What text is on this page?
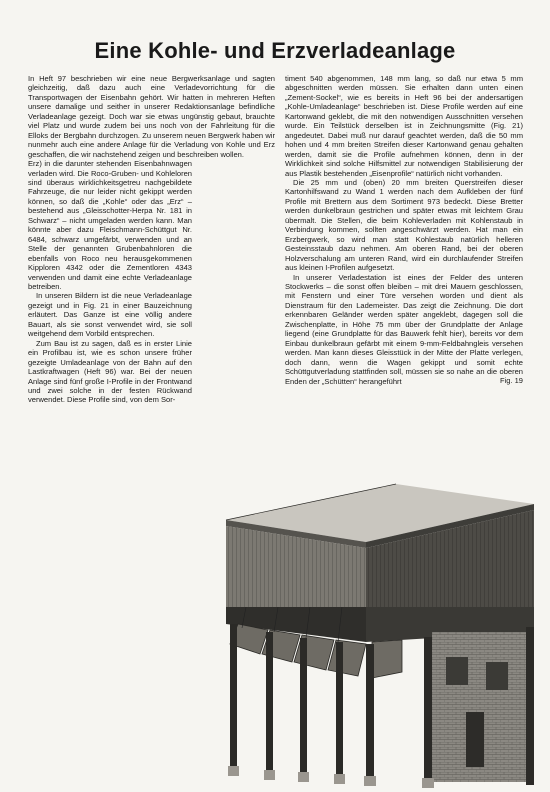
Eine Kohle- und Erzverladeanlage

In Heft 97 beschrieben wir eine neue Bergwerksanlage und sagten gleichzeitig, daß dazu auch eine Verladevorrichtung für die Transportwagen der Eisenbahn gehört. Wir hatten in mehreren Heften unsere damalige und seither in unserer Redaktionsanlage befindliche Verladeanlage gezeigt. Doch war sie etwas ungünstig gebaut, brauchte viel Platz und wurde zudem bei uns noch von der Fahrleitung für die Elloks der Bergbahn durchzogen. Zu unserem neuen Bergwerk haben wir nunmehr auch eine andere Anlage für die Verladung von Kohle und Erz geschaffen, die wir nachstehend zeigen und beschreiben wollen.

Erz) in die darunter stehenden Eisenbahnwagen verladen wird. Die Roco-Gruben- und Kohleloren sind überaus wirklichkeitsgetreu nachgebildete Fahrzeuge, die nur leider nicht gekippt werden können, so daß die „Kohle“ oder das „Erz“ – bestehend aus „Gleisschotter-Herpa Nr. 181 in Schwarz“ – nicht umgeladen werden kann. Man könnte aber dazu Fleischmann-Schüttgut Nr. 6484, schwarz umgefärbt, verwenden und an Stelle der genannten Grubenbahnloren die ebenfalls von Roco neu herausgekommenen Kipploren 4342 oder die Zementloren 4343 verwenden und damit eine echte Verladeanlage betreiben.

In unseren Bildern ist die neue Verladeanlage gezeigt und in Fig. 21 in einer Bauzeichnung erläutert. Das Ganze ist eine völlig andere Bauart, als sie sonst verwendet wird, sie soll weitgehend dem Vorbild entsprechen.

Zum Bau ist zu sagen, daß es in erster Linie ein Profilbau ist, wie es schon unsere früher gezeigte Umladeanlage von der Bahn auf den Lastkraftwagen (Heft 96) war. Bei der neuen Anlage sind fünf große I-Profile in der Frontwand und zwei solche in der festen Rückwand verwendet. Diese Profile sind, von dem Sor-

timent 540 abgenommen, 148 mm lang, so daß nur etwa 5 mm abgeschnitten werden müssen. Sie erhalten dann unten einen „Zement-Sockel“, wie es bereits in Heft 96 bei der andersartigen „Kohle-Umladeanlage“ beschrieben ist. Diese Profile werden auf eine Kartonwand geklebt, die mit den notwendigen Ausschnitten versehen wurde. Ein Teilstück derselben ist in Zeichnungsmitte (Fig. 21) angedeutet. Dabei muß nur darauf geachtet werden, daß die 50 mm hohen und 4 mm breiten Streifen dieser Kartonwand genau gehalten werden, damit sie die Profile aufnehmen können, denn in der Wirklichkeit sind solche Hilfsmittel zur notwendigen Stabilisierung der aus Plastik bestehenden „Eisenprofile“ natürlich nicht vorhanden.

Die 25 mm und (oben) 20 mm breiten Querstreifen dieser Kartonhilfswand zu Wand 1 werden nach dem Aufkleben der fünf Profile mit Brettern aus dem Sortiment 973 bedeckt. Diese Bretter werden dunkelbraun gestrichen und später etwas mit leichtem Grau übermalt. Die Stellen, die beim Kohleverladen mit Kohlenstaub in Verbindung kommen, sollten angeschwärzt werden. Hat man ein Erzbergwerk, so wird man statt Kohlestaub natürlich helleren Gesteinsstaub dazu nehmen. Am oberen Rand, bei der oberen Holzverschalung am unteren Rand, wird ein durchlaufender Streifen aus kleinen I-Profilen aufgesetzt.

In unserer Verladestation ist eines der Felder des unteren Stockwerks – die sonst offen bleiben – mit drei Mauern geschlossen, mit Fenstern und einer Türe versehen worden und dient als Dienstraum für den Lademeister. Das zeigt die Zeichnung. Die dort erkennbaren Geländer werden später angeklebt, dagegen soll die Zwischenplatte, in Höhe 75 mm über der Grundplatte der Anlage liegend (eine Grundplatte für das Bauwerk fehlt hier), bereits vor dem Einbau dunkelbraun gefärbt mit einem 9-mm-Feldbahngleis versehen werden. Man kann dieses Gleisstück in der Mitte der Platte verlegen, doch dann, wenn die Wagen gekippt und somit echte Schüttgutverladung stattfinden soll, müssen sie so nahe an die oberen Enden der „Schütten“ herangeführt	Fig. 19
